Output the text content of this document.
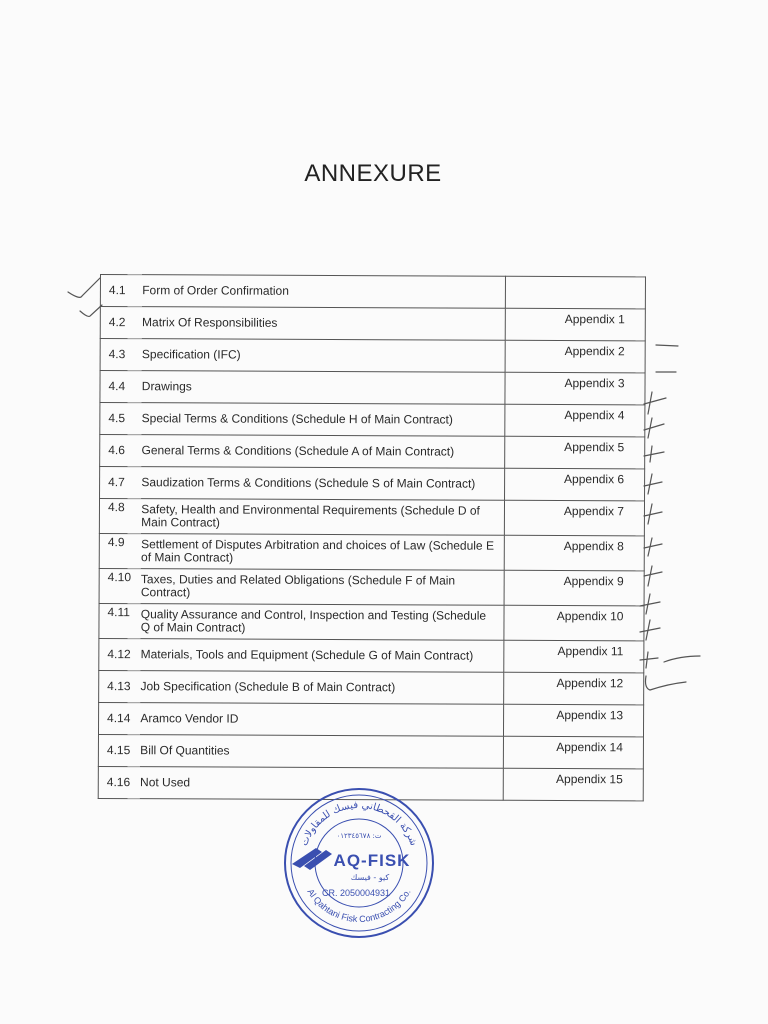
ANNEXURE
4.1	Form of Order Confirmation	
4.2	Matrix Of Responsibilities	Appendix 1
4.3	Specification (IFC)	Appendix 2
4.4	Drawings	Appendix 3
4.5	Special Terms & Conditions (Schedule H of Main Contract)	Appendix 4
4.6	General Terms & Conditions (Schedule A of Main Contract)	Appendix 5
4.7	Saudization Terms & Conditions (Schedule S of Main Contract)	Appendix 6
4.8	Safety, Health and Environmental Requirements (Schedule D of Main Contract)	Appendix 7
4.9	Settlement of Disputes Arbitration and choices of Law (Schedule E of Main Contract)	Appendix 8
4.10	Taxes, Duties and Related Obligations (Schedule F of Main Contract)	Appendix 9
4.11	Quality Assurance and Control, Inspection and Testing (Schedule Q of Main Contract)	Appendix 10
4.12	Materials, Tools and Equipment (Schedule G of Main Contract)	Appendix 11
4.13	Job Specification (Schedule B of Main Contract)	Appendix 12
4.14	Aramco Vendor ID	Appendix 13
4.15	Bill Of Quantities	Appendix 14
4.16	Not Used	Appendix 15
شركة القحطاني فيسك للمقاولات
Al Qahtani Fisk Contracting Co.
ت: ٠١٢٣٤٥٦٧٨
AQ-FISK
كيو - فيسك
CR. 2050004931
